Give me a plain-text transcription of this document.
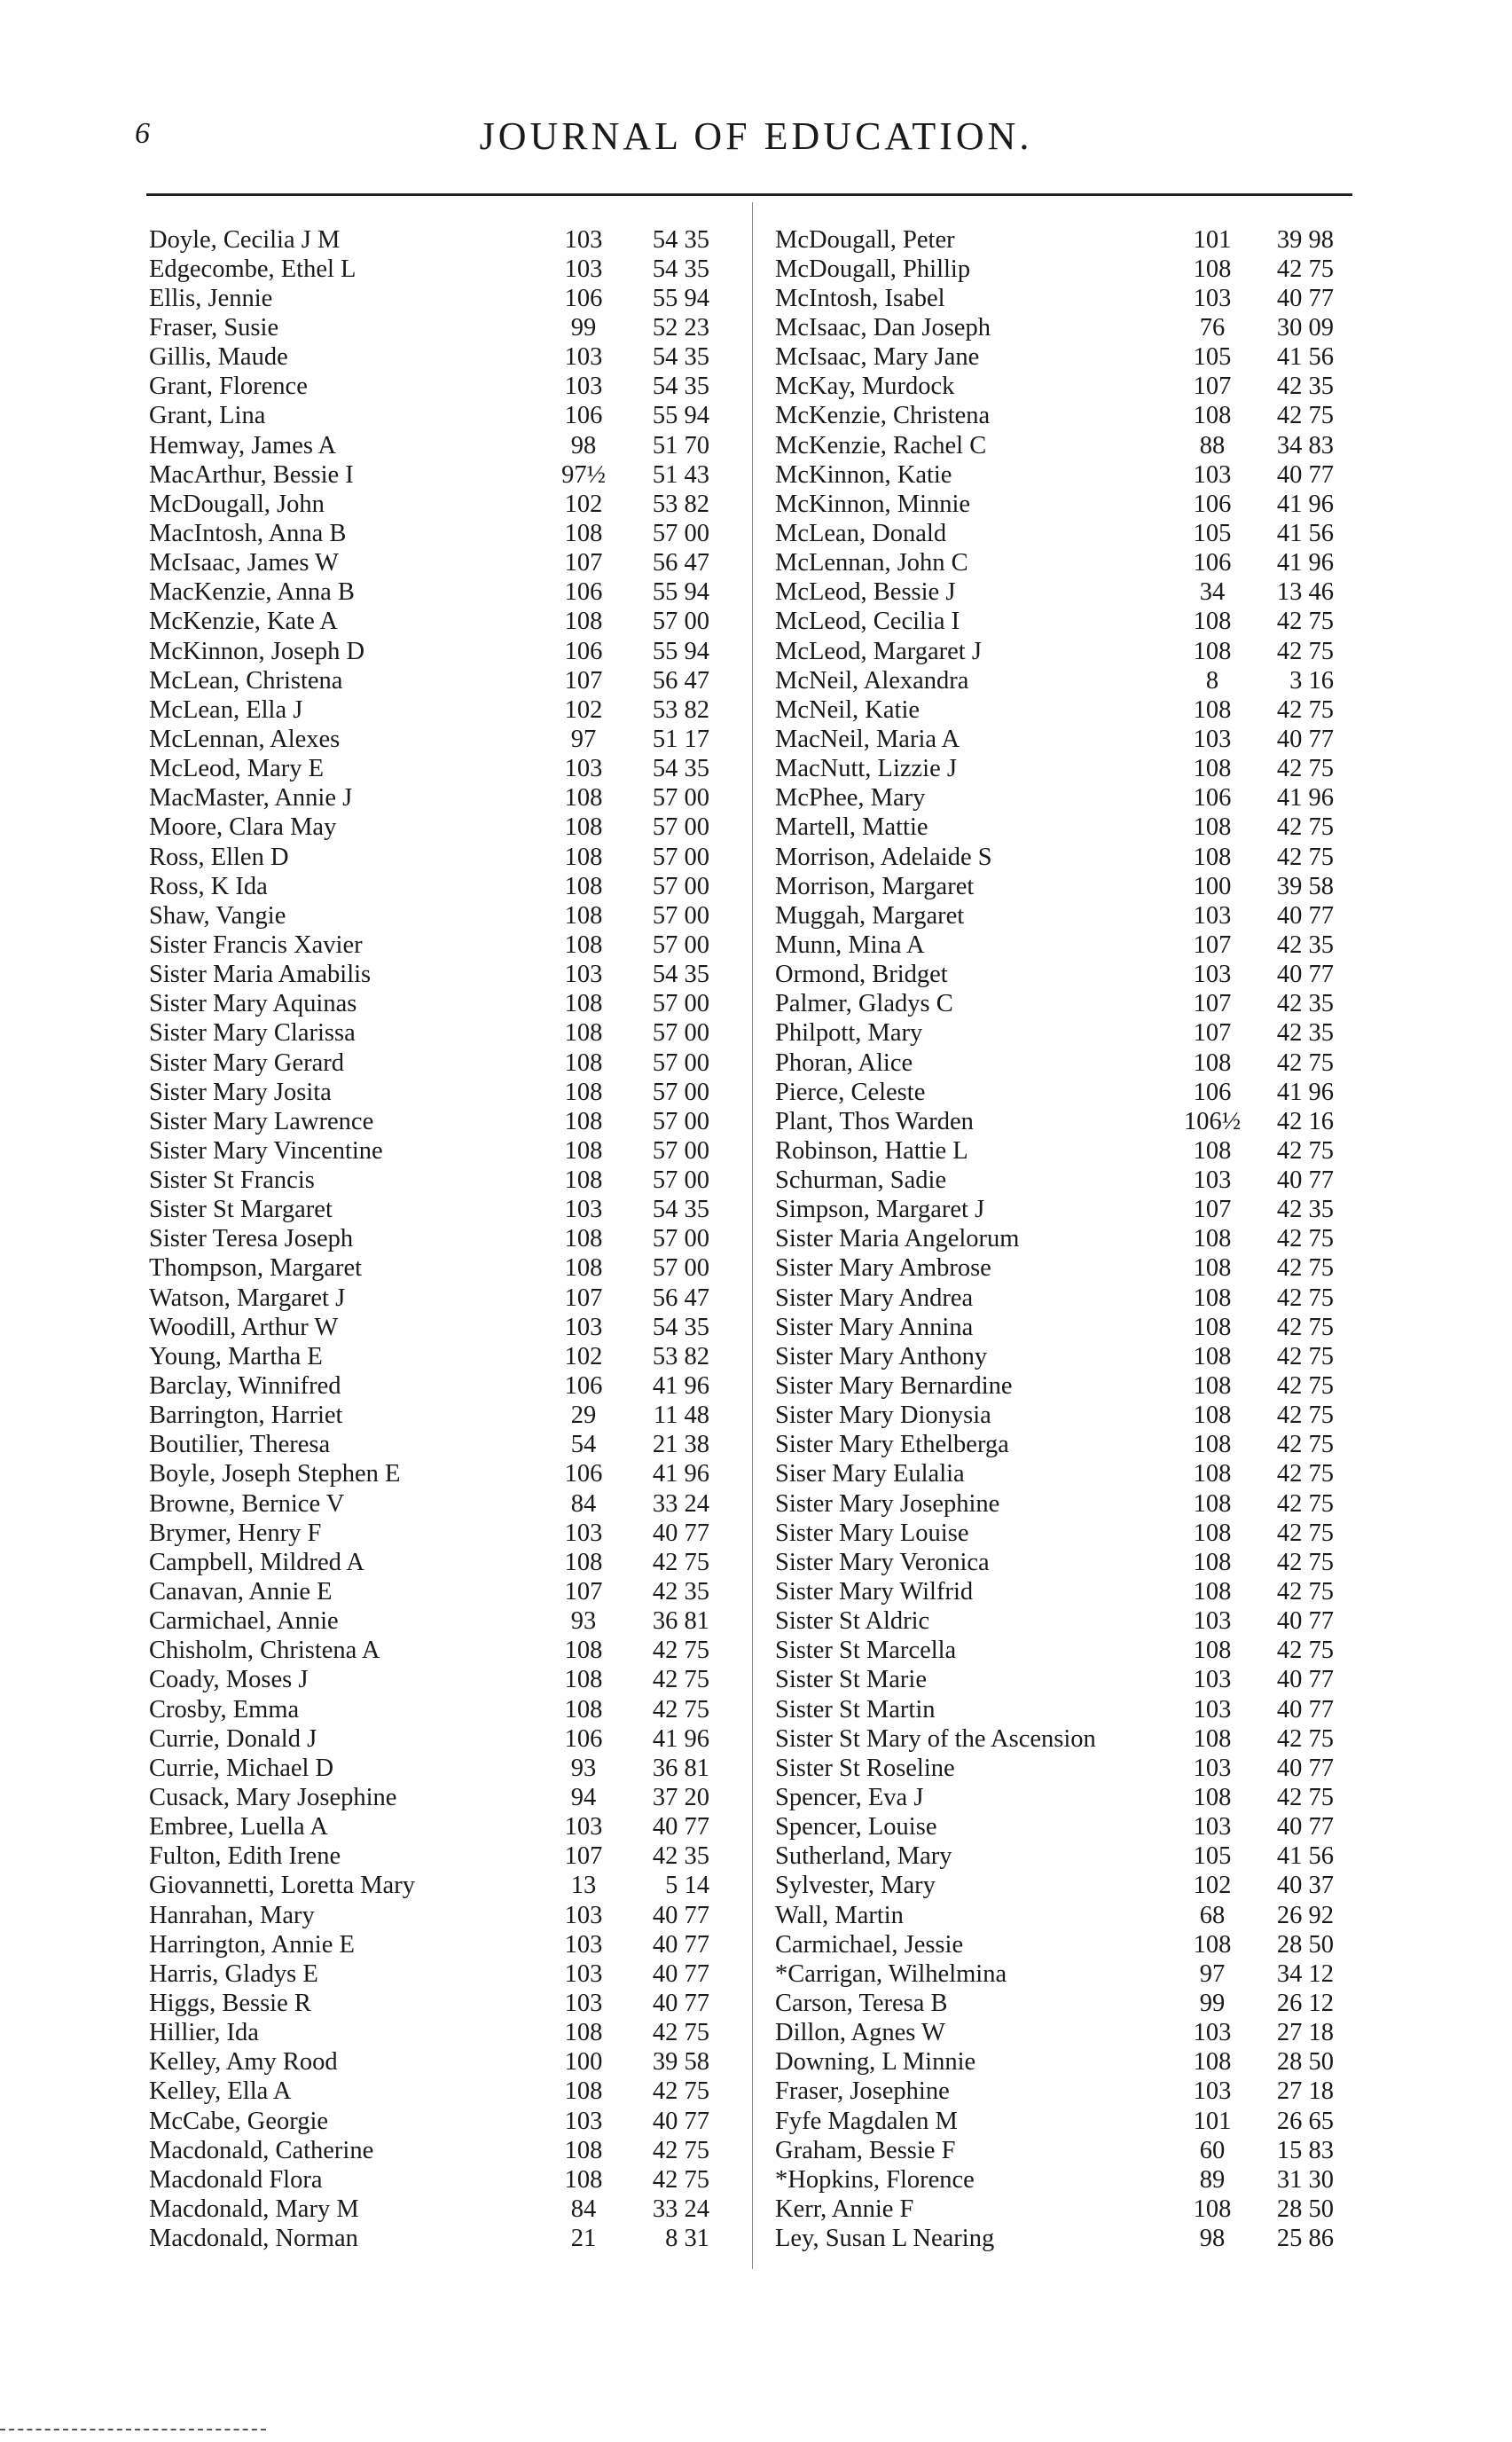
6	JOURNAL OF EDUCATION.
Doyle, Cecilia J M	103	54 35
Edgecombe, Ethel L	103	54 35
Ellis, Jennie	106	55 94
Fraser, Susie	99	52 23
Gillis, Maude	103	54 35
Grant, Florence	103	54 35
Grant, Lina	106	55 94
Hemway, James A	98	51 70
MacArthur, Bessie I	97½	51 43
McDougall, John	102	53 82
MacIntosh, Anna B	108	57 00
McIsaac, James W	107	56 47
MacKenzie, Anna B	106	55 94
McKenzie, Kate A	108	57 00
McKinnon, Joseph D	106	55 94
McLean, Christena	107	56 47
McLean, Ella J	102	53 82
McLennan, Alexes	97	51 17
McLeod, Mary E	103	54 35
MacMaster, Annie J	108	57 00
Moore, Clara May	108	57 00
Ross, Ellen D	108	57 00
Ross, K Ida	108	57 00
Shaw, Vangie	108	57 00
Sister Francis Xavier	108	57 00
Sister Maria Amabilis	103	54 35
Sister Mary Aquinas	108	57 00
Sister Mary Clarissa	108	57 00
Sister Mary Gerard	108	57 00
Sister Mary Josita	108	57 00
Sister Mary Lawrence	108	57 00
Sister Mary Vincentine	108	57 00
Sister St Francis	108	57 00
Sister St Margaret	103	54 35
Sister Teresa Joseph	108	57 00
Thompson, Margaret	108	57 00
Watson, Margaret J	107	56 47
Woodill, Arthur W	103	54 35
Young, Martha E	102	53 82
Barclay, Winnifred	106	41 96
Barrington, Harriet	29	11 48
Boutilier, Theresa	54	21 38
Boyle, Joseph Stephen E	106	41 96
Browne, Bernice V	84	33 24
Brymer, Henry F	103	40 77
Campbell, Mildred A	108	42 75
Canavan, Annie E	107	42 35
Carmichael, Annie	93	36 81
Chisholm, Christena A	108	42 75
Coady, Moses J	108	42 75
Crosby, Emma	108	42 75
Currie, Donald J	106	41 96
Currie, Michael D	93	36 81
Cusack, Mary Josephine	94	37 20
Embree, Luella A	103	40 77
Fulton, Edith Irene	107	42 35
Giovannetti, Loretta Mary	13	5 14
Hanrahan, Mary	103	40 77
Harrington, Annie E	103	40 77
Harris, Gladys E	103	40 77
Higgs, Bessie R	103	40 77
Hillier, Ida	108	42 75
Kelley, Amy Rood	100	39 58
Kelley, Ella A	108	42 75
McCabe, Georgie	103	40 77
Macdonald, Catherine	108	42 75
Macdonald Flora	108	42 75
Macdonald, Mary M	84	33 24
Macdonald, Norman	21	8 31
McDougall, Peter	101	39 98
McDougall, Phillip	108	42 75
McIntosh, Isabel	103	40 77
McIsaac, Dan Joseph	76	30 09
McIsaac, Mary Jane	105	41 56
McKay, Murdock	107	42 35
McKenzie, Christena	108	42 75
McKenzie, Rachel C	88	34 83
McKinnon, Katie	103	40 77
McKinnon, Minnie	106	41 96
McLean, Donald	105	41 56
McLennan, John C	106	41 96
McLeod, Bessie J	34	13 46
McLeod, Cecilia I	108	42 75
McLeod, Margaret J	108	42 75
McNeil, Alexandra	8	3 16
McNeil, Katie	108	42 75
MacNeil, Maria A	103	40 77
MacNutt, Lizzie J	108	42 75
McPhee, Mary	106	41 96
Martell, Mattie	108	42 75
Morrison, Adelaide S	108	42 75
Morrison, Margaret	100	39 58
Muggah, Margaret	103	40 77
Munn, Mina A	107	42 35
Ormond, Bridget	103	40 77
Palmer, Gladys C	107	42 35
Philpott, Mary	107	42 35
Phoran, Alice	108	42 75
Pierce, Celeste	106	41 96
Plant, Thos Warden	106½	42 16
Robinson, Hattie L	108	42 75
Schurman, Sadie	103	40 77
Simpson, Margaret J	107	42 35
Sister Maria Angelorum	108	42 75
Sister Mary Ambrose	108	42 75
Sister Mary Andrea	108	42 75
Sister Mary Annina	108	42 75
Sister Mary Anthony	108	42 75
Sister Mary Bernardine	108	42 75
Sister Mary Dionysia	108	42 75
Sister Mary Ethelberga	108	42 75
Siser Mary Eulalia	108	42 75
Sister Mary Josephine	108	42 75
Sister Mary Louise	108	42 75
Sister Mary Veronica	108	42 75
Sister Mary Wilfrid	108	42 75
Sister St Aldric	103	40 77
Sister St Marcella	108	42 75
Sister St Marie	103	40 77
Sister St Martin	103	40 77
Sister St Mary of the Ascension	108	42 75
Sister St Roseline	103	40 77
Spencer, Eva J	108	42 75
Spencer, Louise	103	40 77
Sutherland, Mary	105	41 56
Sylvester, Mary	102	40 37
Wall, Martin	68	26 92
Carmichael, Jessie	108	28 50
*Carrigan, Wilhelmina	97	34 12
Carson, Teresa B	99	26 12
Dillon, Agnes W	103	27 18
Downing, L Minnie	108	28 50
Fraser, Josephine	103	27 18
Fyfe Magdalen M	101	26 65
Graham, Bessie F	60	15 83
*Hopkins, Florence	89	31 30
Kerr, Annie F	108	28 50
Ley, Susan L Nearing	98	25 86
